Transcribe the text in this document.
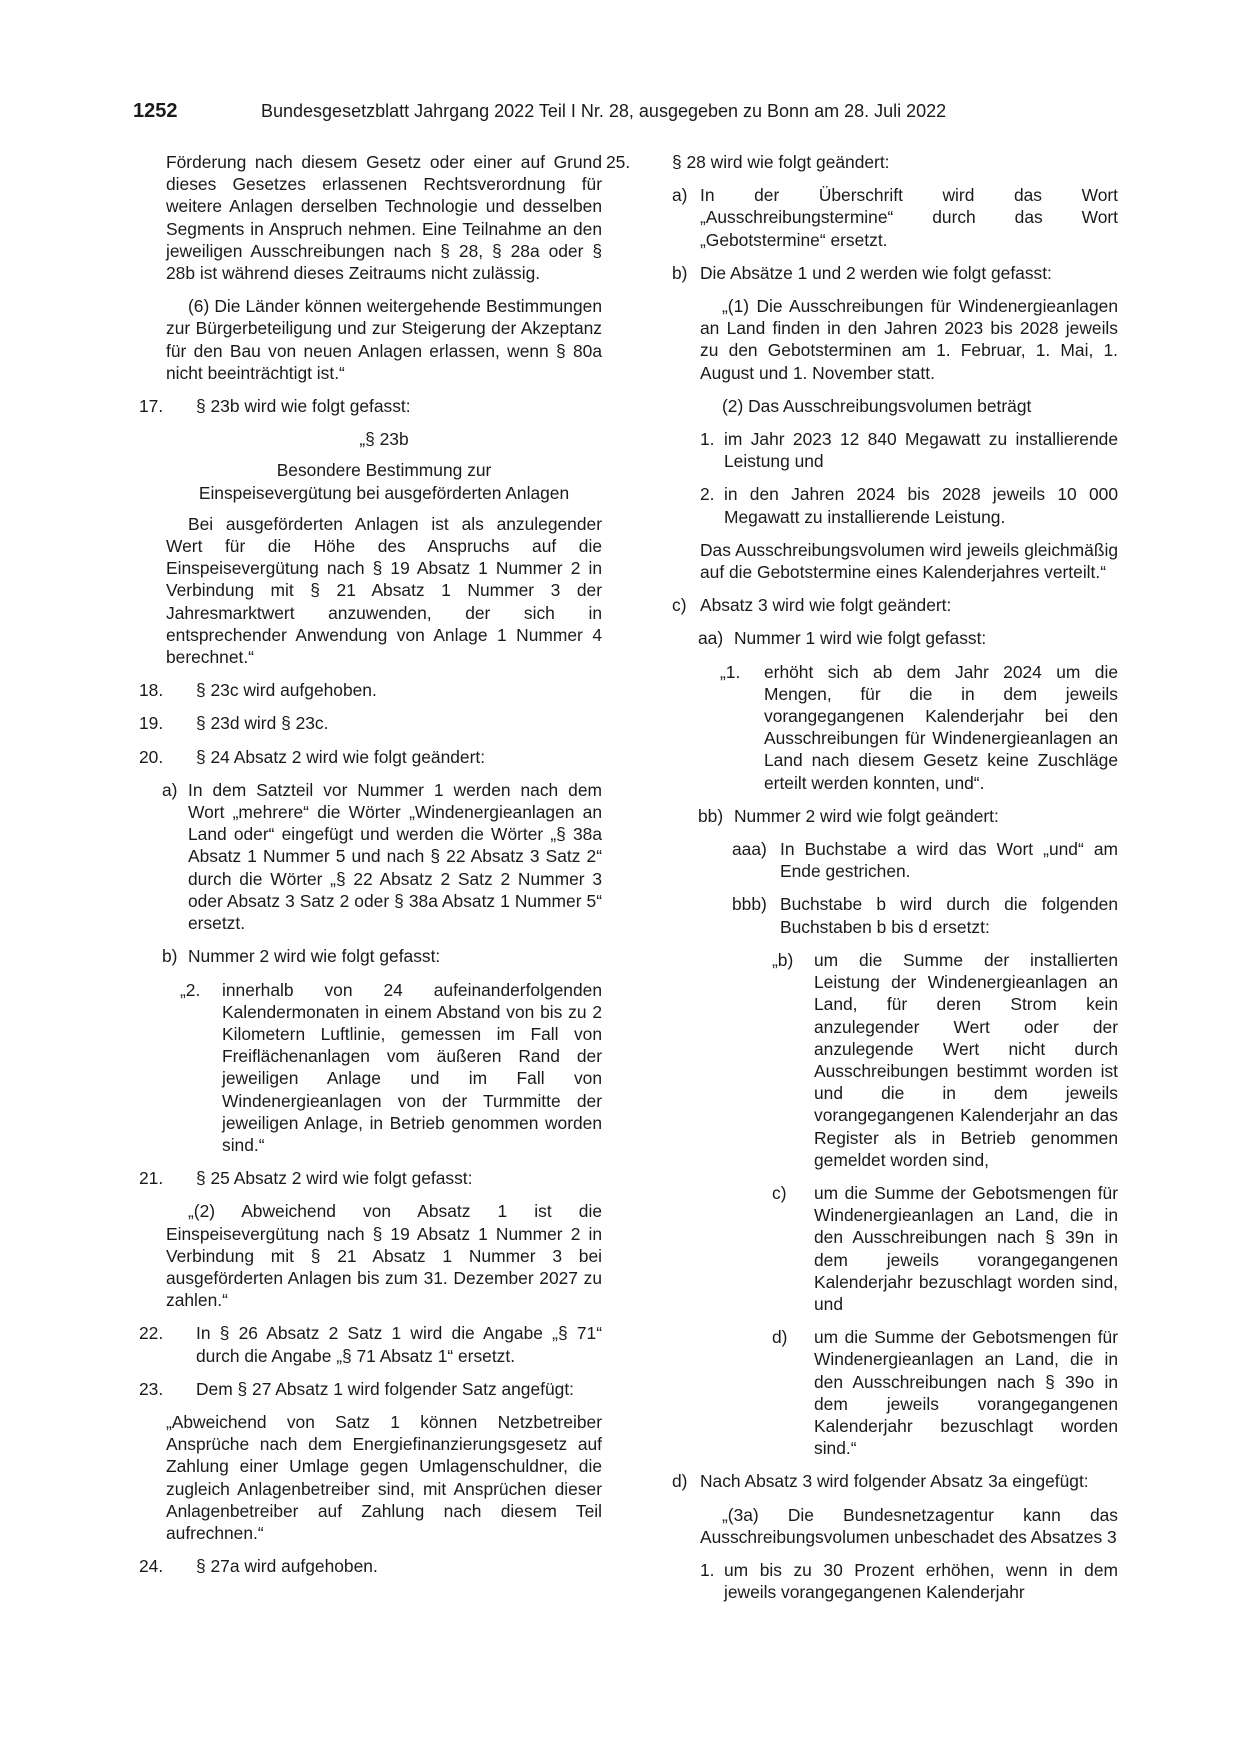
1252	Bundesgesetzblatt Jahrgang 2022 Teil I Nr. 28, ausgegeben zu Bonn am 28. Juli 2022

Förderung nach diesem Gesetz oder einer auf Grund dieses Gesetzes erlassenen Rechtsverordnung für weitere Anlagen derselben Technologie und desselben Segments in Anspruch nehmen. Eine Teilnahme an den jeweiligen Ausschreibungen nach § 28, § 28a oder § 28b ist während dieses Zeitraums nicht zulässig.

(6) Die Länder können weitergehende Bestimmungen zur Bürgerbeteiligung und zur Steigerung der Akzeptanz für den Bau von neuen Anlagen erlassen, wenn § 80a nicht beeinträchtigt ist.“

17.	§ 23b wird wie folgt gefasst:

„§ 23b

Besondere Bestimmung zur

Einspeisevergütung bei ausgeförderten Anlagen

Bei ausgeförderten Anlagen ist als anzulegender Wert für die Höhe des Anspruchs auf die Einspeisevergütung nach § 19 Absatz 1 Nummer 2 in Verbindung mit § 21 Absatz 1 Nummer 3 der Jahresmarktwert anzuwenden, der sich in entsprechender Anwendung von Anlage 1 Nummer 4 berechnet.“

18.	§ 23c wird aufgehoben.
19.	§ 23d wird § 23c.
20.	§ 24 Absatz 2 wird wie folgt geändert:
a) In dem Satzteil vor Nummer 1 werden nach dem Wort „mehrere“ die Wörter „Windenergieanlagen an Land oder“ eingefügt und werden die Wörter „§ 38a Absatz 1 Nummer 5 und nach § 22 Absatz 3 Satz 2“ durch die Wörter „§ 22 Absatz 2 Satz 2 Nummer 3 oder Absatz 3 Satz 2 oder § 38a Absatz 1 Nummer 5“ ersetzt.
b) Nummer 2 wird wie folgt gefasst:
„2.	innerhalb von 24 aufeinanderfolgenden Kalendermonaten in einem Abstand von bis zu 2 Kilometern Luftlinie, gemessen im Fall von Freiflächenanlagen vom äußeren Rand der jeweiligen Anlage und im Fall von Windenergieanlagen von der Turmmitte der jeweiligen Anlage, in Betrieb genommen worden sind.“
21.	§ 25 Absatz 2 wird wie folgt gefasst:

„(2) Abweichend von Absatz 1 ist die Einspeisevergütung nach § 19 Absatz 1 Nummer 2 in Verbindung mit § 21 Absatz 1 Nummer 3 bei ausgeförderten Anlagen bis zum 31. Dezember 2027 zu zahlen.“

22.	In § 26 Absatz 2 Satz 1 wird die Angabe „§ 71“ durch die Angabe „§ 71 Absatz 1“ ersetzt.
23.	Dem § 27 Absatz 1 wird folgender Satz angefügt:

„Abweichend von Satz 1 können Netzbetreiber Ansprüche nach dem Energiefinanzierungsgesetz auf Zahlung einer Umlage gegen Umlagenschuldner, die zugleich Anlagenbetreiber sind, mit Ansprüchen dieser Anlagenbetreiber auf Zahlung nach diesem Teil aufrechnen.“

24.	§ 27a wird aufgehoben.
25.	§ 28 wird wie folgt geändert:
a) In der Überschrift wird das Wort „Ausschreibungstermine“ durch das Wort „Gebotstermine“ ersetzt.
b) Die Absätze 1 und 2 werden wie folgt gefasst:

„(1) Die Ausschreibungen für Windenergieanlagen an Land finden in den Jahren 2023 bis 2028 jeweils zu den Gebotsterminen am 1. Februar, 1. Mai, 1. August und 1. November statt.

(2) Das Ausschreibungsvolumen beträgt

1. im Jahr 2023 12 840 Megawatt zu installierende Leistung und
2. in den Jahren 2024 bis 2028 jeweils 10 000 Megawatt zu installierende Leistung.

Das Ausschreibungsvolumen wird jeweils gleichmäßig auf die Gebotstermine eines Kalenderjahres verteilt.“

c) Absatz 3 wird wie folgt geändert:
aa) Nummer 1 wird wie folgt gefasst:
„1.	erhöht sich ab dem Jahr 2024 um die Mengen, für die in dem jeweils vorangegangenen Kalenderjahr bei den Ausschreibungen für Windenergieanlagen an Land nach diesem Gesetz keine Zuschläge erteilt werden konnten, und“.
bb) Nummer 2 wird wie folgt geändert:
aaa) In Buchstabe a wird das Wort „und“ am Ende gestrichen.
bbb) Buchstabe b wird durch die folgenden Buchstaben b bis d ersetzt:
„b)	um die Summe der installierten Leistung der Windenergieanlagen an Land, für deren Strom kein anzulegender Wert oder der anzulegende Wert nicht durch Ausschreibungen bestimmt worden ist und die in dem jeweils vorangegangenen Kalenderjahr an das Register als in Betrieb genommen gemeldet worden sind,
c)	um die Summe der Gebotsmengen für Windenergieanlagen an Land, die in den Ausschreibungen nach § 39n in dem jeweils vorangegangenen Kalenderjahr bezuschlagt worden sind, und
d)	um die Summe der Gebotsmengen für Windenergieanlagen an Land, die in den Ausschreibungen nach § 39o in dem jeweils vorangegangenen Kalenderjahr bezuschlagt worden sind.“
d) Nach Absatz 3 wird folgender Absatz 3a eingefügt:

„(3a) Die Bundesnetzagentur kann das Ausschreibungsvolumen unbeschadet des Absatzes 3

1. um bis zu 30 Prozent erhöhen, wenn in dem jeweils vorangegangenen Kalenderjahr
